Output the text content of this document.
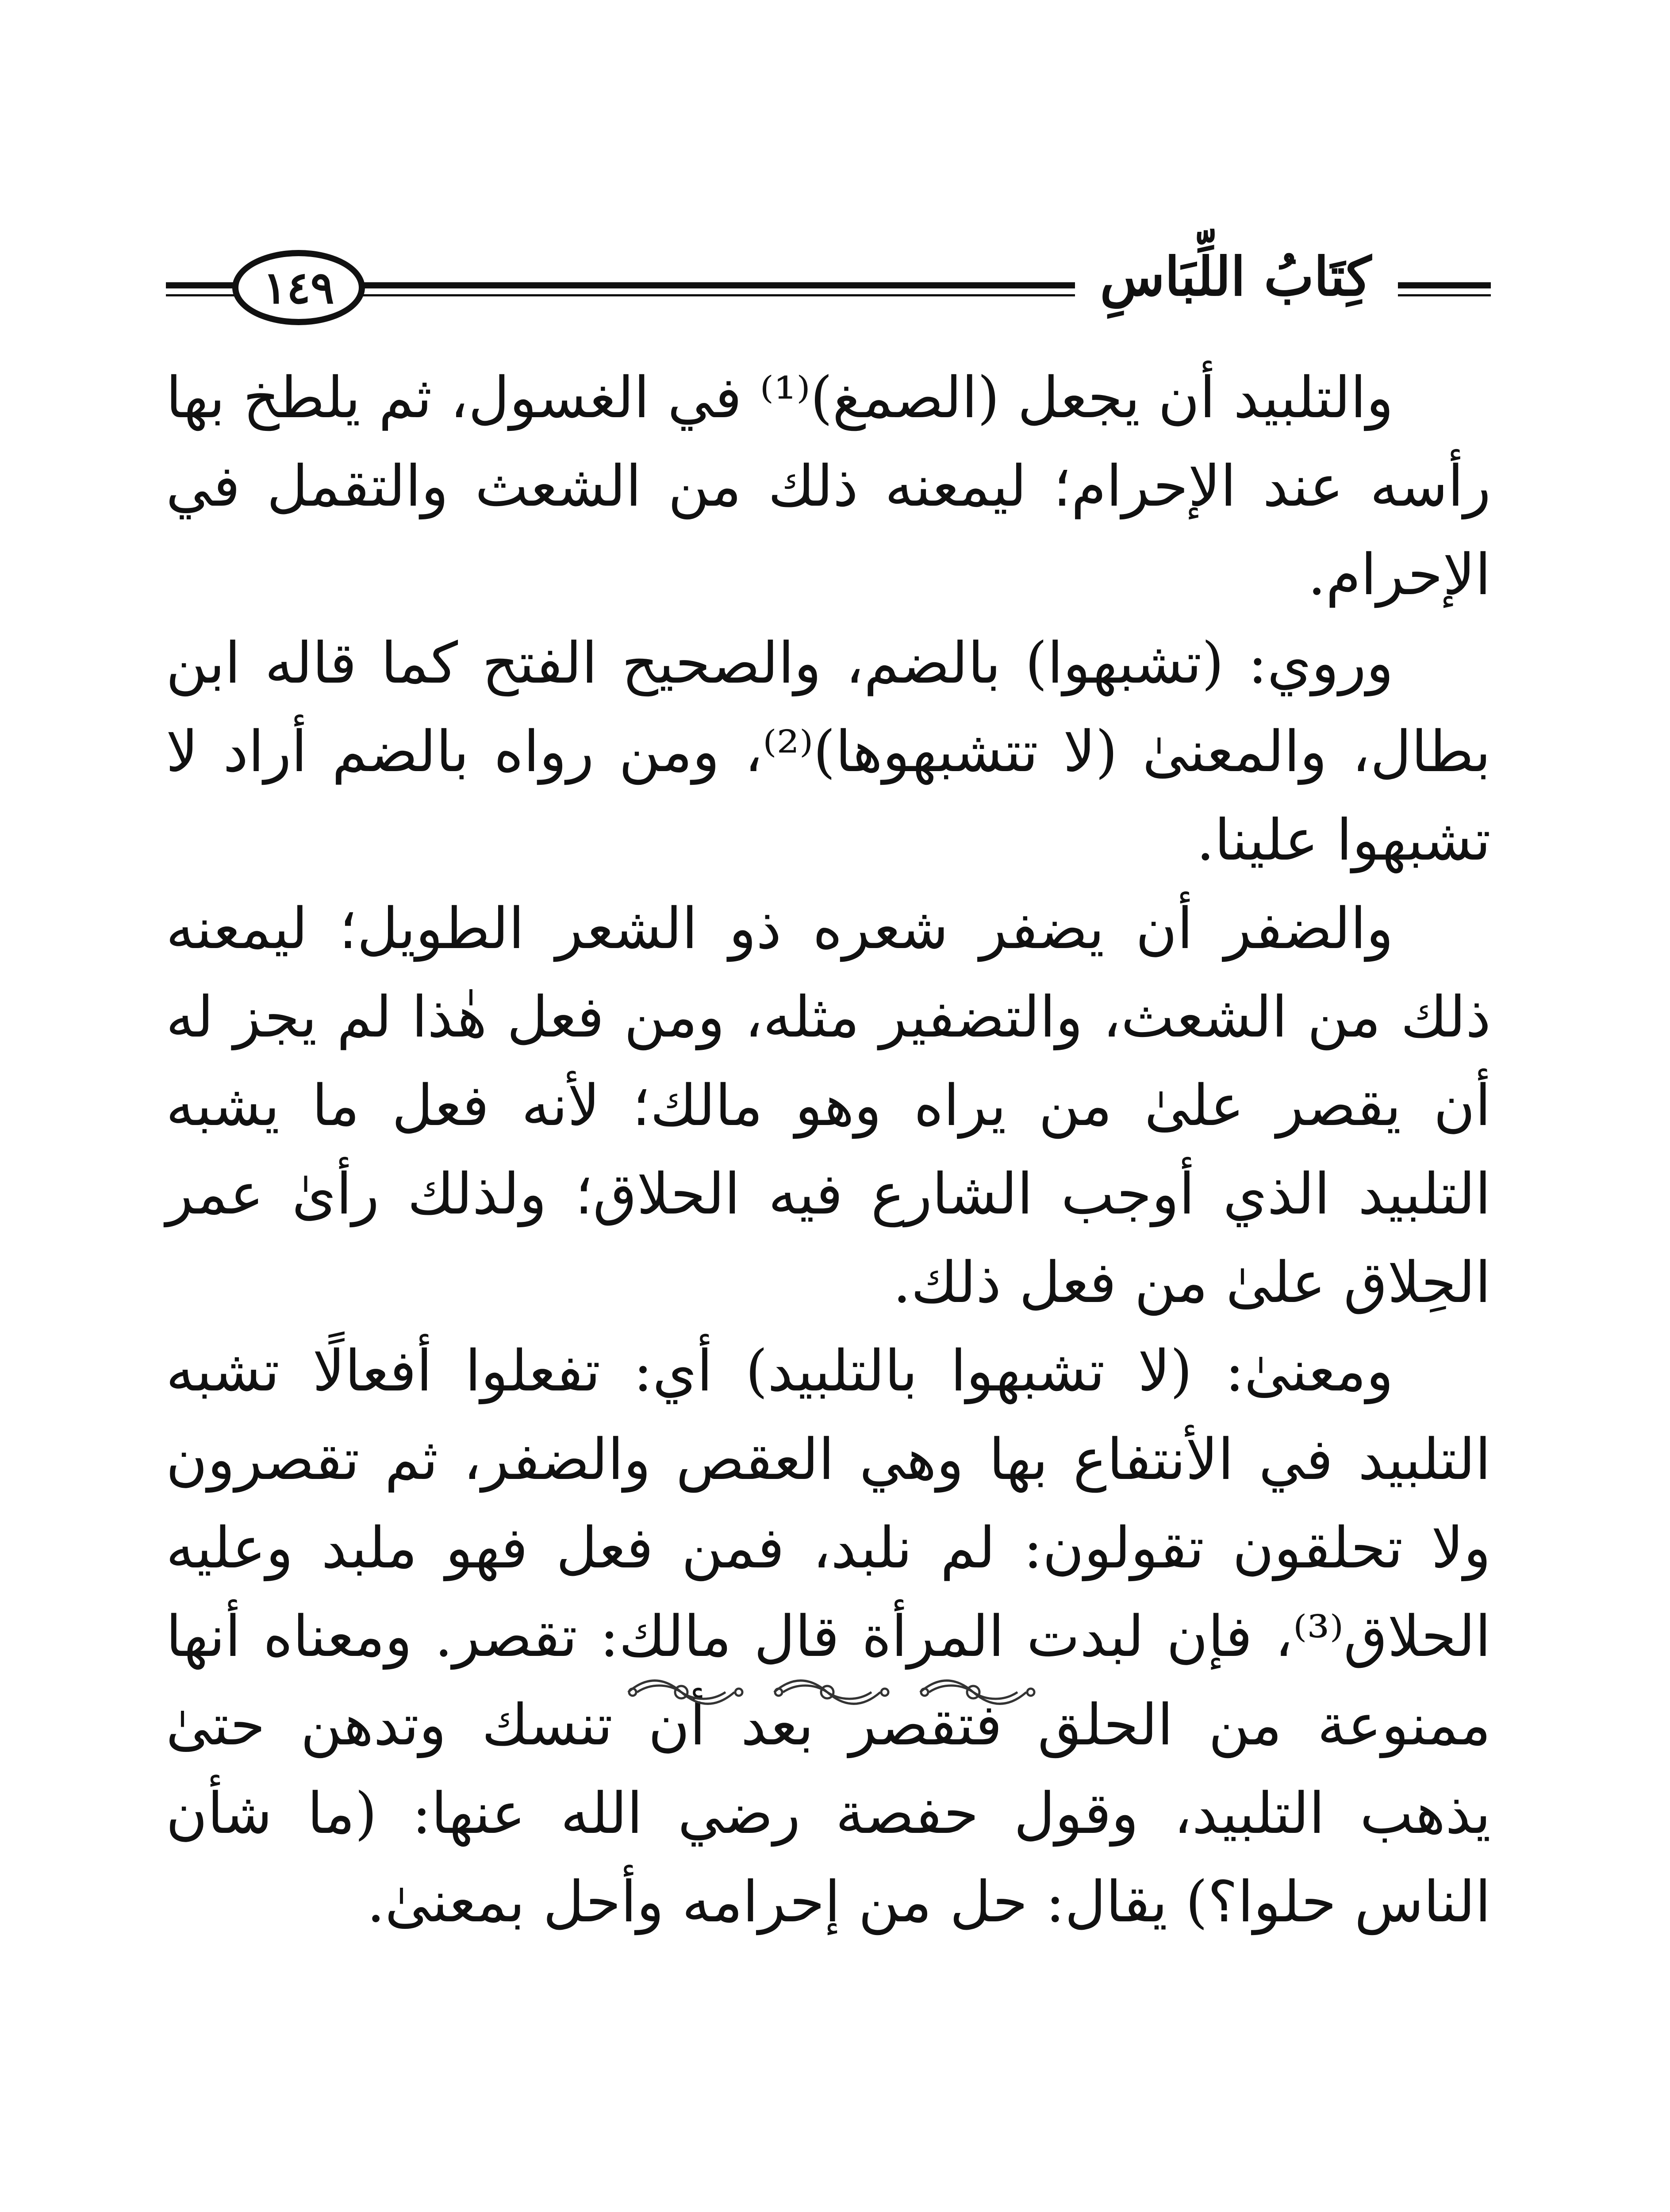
١٤٩	كِتَابُ اللِّبَاسِ

والتلبيد أن يجعل (الصمغ)⁽¹⁾ في الغسول، ثم يلطخ بها رأسه عند الإحرام؛ ليمعنه ذلك من الشعث والتقمل في الإحرام.

وروي: (تشبهوا) بالضم، والصحيح الفتح كما قاله ابن بطال، والمعنىٰ (لا تتشبهوها)⁽²⁾، ومن رواه بالضم أراد لا تشبهوا علينا.

والضفر أن يضفر شعره ذو الشعر الطويل؛ ليمعنه ذلك من الشعث، والتضفير مثله، ومن فعل هٰذا لم يجز له أن يقصر علىٰ من يراه وهو مالك؛ لأنه فعل ما يشبه التلبيد الذي أوجب الشارع فيه الحلاق؛ ولذلك رأىٰ عمر الحِلاق علىٰ من فعل ذلك.

ومعنىٰ: (لا تشبهوا بالتلبيد) أي: تفعلوا أفعالًا تشبه التلبيد في الأنتفاع بها وهي العقص والضفر، ثم تقصرون ولا تحلقون تقولون: لم نلبد، فمن فعل فهو ملبد وعليه الحلاق⁽³⁾، فإن لبدت المرأة قال مالك: تقصر. ومعناه أنها ممنوعة من الحلق فتقصر بعد أن تنسك وتدهن حتىٰ يذهب التلبيد، وقول حفصة رضي الله عنها: (ما شأن الناس حلوا؟) يقال: حل من إحرامه وأحل بمعنىٰ.
